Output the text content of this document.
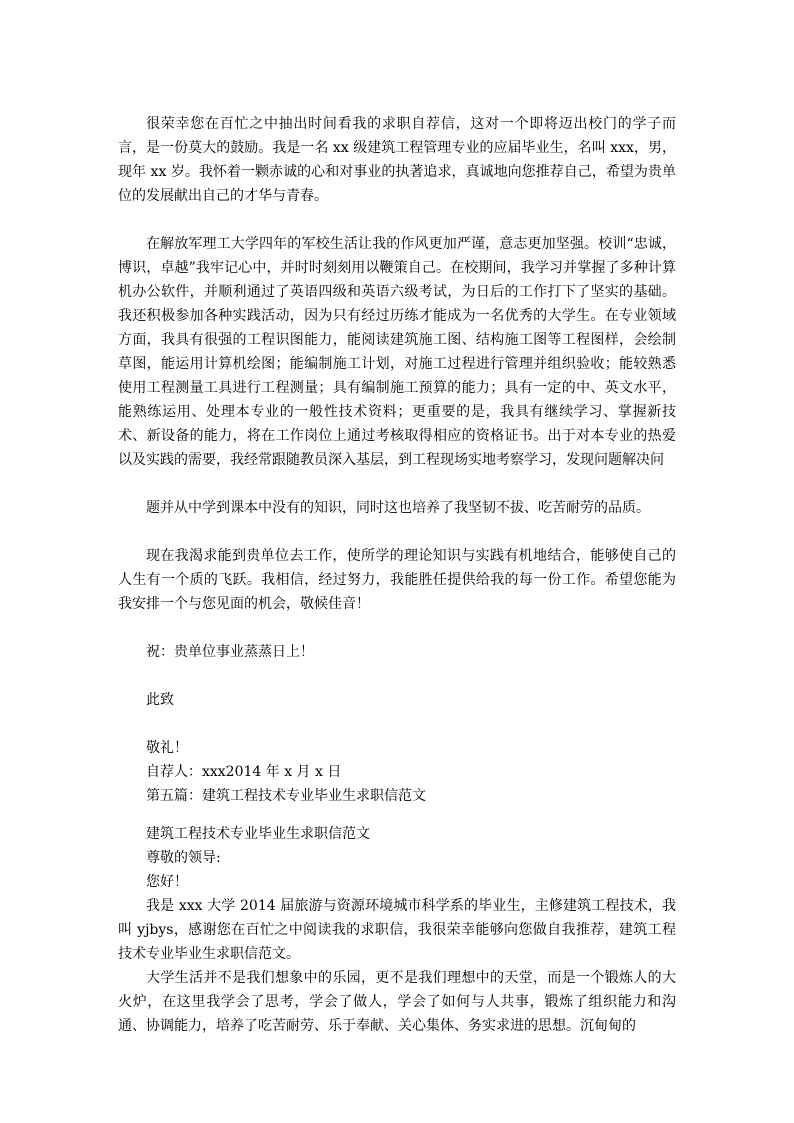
很荣幸您在百忙之中抽出时间看我的求职自荐信，这对一个即将迈出校门的学子而言，是一份莫大的鼓励。我是一名 xx 级建筑工程管理专业的应届毕业生，名叫 xxx，男，现年 xx 岁。我怀着一颗赤诚的心和对事业的执著追求，真诚地向您推荐自己，希望为贵单位的发展献出自己的才华与青春。

在解放军理工大学四年的军校生活让我的作风更加严谨，意志更加坚强。校训“忠诚，博识，卓越”我牢记心中，并时时刻刻用以鞭策自己。在校期间，我学习并掌握了多种计算机办公软件，并顺利通过了英语四级和英语六级考试，为日后的工作打下了坚实的基础。我还积极参加各种实践活动，因为只有经过历练才能成为一名优秀的大学生。在专业领域方面，我具有很强的工程识图能力，能阅读建筑施工图、结构施工图等工程图样，会绘制草图，能运用计算机绘图；能编制施工计划，对施工过程进行管理并组织验收；能较熟悉使用工程测量工具进行工程测量；具有编制施工预算的能力；具有一定的中、英文水平，能熟练运用、处理本专业的一般性技术资料；更重要的是，我具有继续学习、掌握新技术、新设备的能力，将在工作岗位上通过考核取得相应的资格证书。出于对本专业的热爱以及实践的需要，我经常跟随教员深入基层，到工程现场实地考察学习，发现问题解决问

题并从中学到课本中没有的知识，同时这也培养了我坚韧不拔、吃苦耐劳的品质。

现在我渴求能到贵单位去工作，使所学的理论知识与实践有机地结合，能够使自己的人生有一个质的飞跃。我相信，经过努力，我能胜任提供给我的每一份工作。希望您能为我安排一个与您见面的机会，敬候佳音！

祝：贵单位事业蒸蒸日上！

此致

敬礼！

自荐人：xxx2014 年 x 月 x 日

第五篇：建筑工程技术专业毕业生求职信范文

建筑工程技术专业毕业生求职信范文

尊敬的领导:

您好！

我是 xxx 大学 2014 届旅游与资源环境城市科学系的毕业生，主修建筑工程技术，我叫 yjbys，感谢您在百忙之中阅读我的求职信，我很荣幸能够向您做自我推荐，建筑工程技术专业毕业生求职信范文。

大学生活并不是我们想象中的乐园，更不是我们理想中的天堂，而是一个锻炼人的大火炉，在这里我学会了思考，学会了做人，学会了如何与人共事，锻炼了组织能力和沟通、协调能力，培养了吃苦耐劳、乐于奉献、关心集体、务实求进的思想。沉甸甸的
